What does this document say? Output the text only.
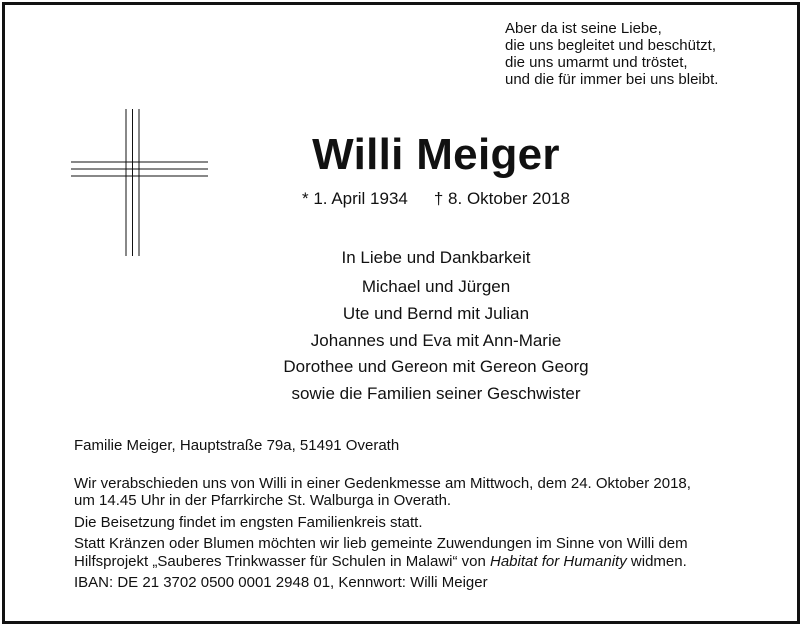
Aber da ist seine Liebe,
die uns begleitet und beschützt,
die uns umarmt und tröstet,
und die für immer bei uns bleibt.
Willi Meiger
* 1. April 1934 † 8. Oktober 2018
In Liebe und Dankbarkeit
Michael und Jürgen
Ute und Bernd mit Julian
Johannes und Eva mit Ann-Marie
Dorothee und Gereon mit Gereon Georg
sowie die Familien seiner Geschwister
Familie Meiger, Hauptstraße 79a, 51491 Overath
Wir verabschieden uns von Willi in einer Gedenkmesse am Mittwoch, dem 24. Oktober 2018,
um 14.45 Uhr in der Pfarrkirche St. Walburga in Overath.
Die Beisetzung findet im engsten Familienkreis statt.
Statt Kränzen oder Blumen möchten wir lieb gemeinte Zuwendungen im Sinne von Willi dem
Hilfsprojekt „Sauberes Trinkwasser für Schulen in Malawi“ von Habitat for Humanity widmen.
IBAN: DE 21 3702 0500 0001 2948 01, Kennwort: Willi Meiger
